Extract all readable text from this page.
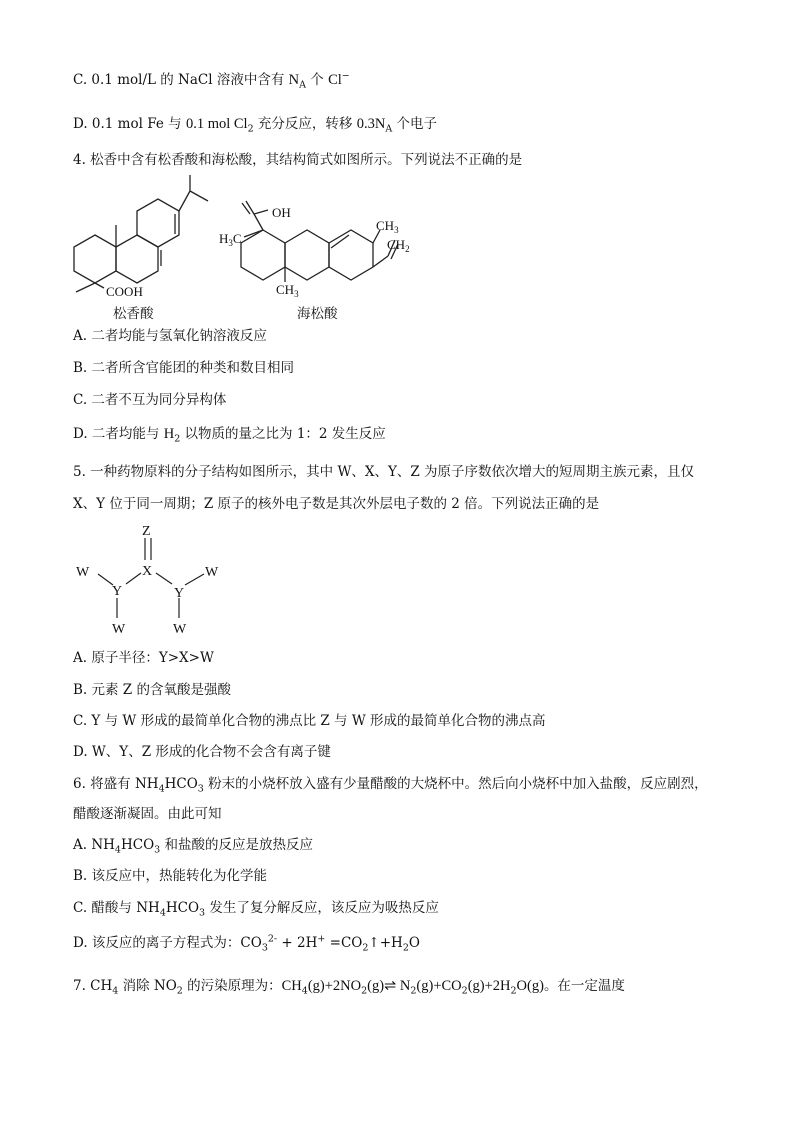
C. 0.1 mol/L 的 NaCl 溶液中含有 $N_A$ 个 Cl−
D. 0.1 mol Fe 与 0.1 mol $Cl_2$ 充分反应，转移 $0.3N_A$ 个电子
4. 松香中含有松香酸和海松酸，其结构简式如图所示。下列说法不正确的是
COOH
OH
$H_3C$
$CH_3$
$CH_2$
$CH_3$
松香酸	海松酸
A. 二者均能与氢氧化钠溶液反应
B. 二者所含官能团的种类和数目相同
C. 二者不互为同分异构体
D. 二者均能与 $H_2$ 以物质的量之比为 1：2 发生反应
5. 一种药物原料的分子结构如图所示，其中 W、X、Y、Z 为原子序数依次增大的短周期主族元素，且仅
X、Y 位于同一周期；Z 原子的核外电子数是其次外层电子数的 2 倍。下列说法正确的是
Z
X
Y	Y
W	W
W	W
A. 原子半径：Y>X>W
B. 元素 Z 的含氧酸是强酸
C. Y 与 W 形成的最简单化合物的沸点比 Z 与 W 形成的最简单化合物的沸点高
D. W、Y、Z 形成的化合物不会含有离子键
6. 将盛有 $NH_4HCO_3$ 粉末的小烧杯放入盛有少量醋酸的大烧杯中。然后向小烧杯中加入盐酸，反应剧烈，
醋酸逐渐凝固。由此可知
A. $NH_4HCO_3$ 和盐酸的反应是放热反应
B. 该反应中，热能转化为化学能
C. 醋酸与 $NH_4HCO_3$ 发生了复分解反应，该反应为吸热反应
D. 该反应的离子方程式为：$CO_3^{2-} + 2H^+$ $=CO_2↑+H_2O$
7. $CH_4$ 消除 $NO_2$ 的污染原理为：$CH_4(g)+2NO_2(g)\rightleftharpoons$ $N_2(g)+CO_2(g)+2H_2O(g)$。在一定温度
